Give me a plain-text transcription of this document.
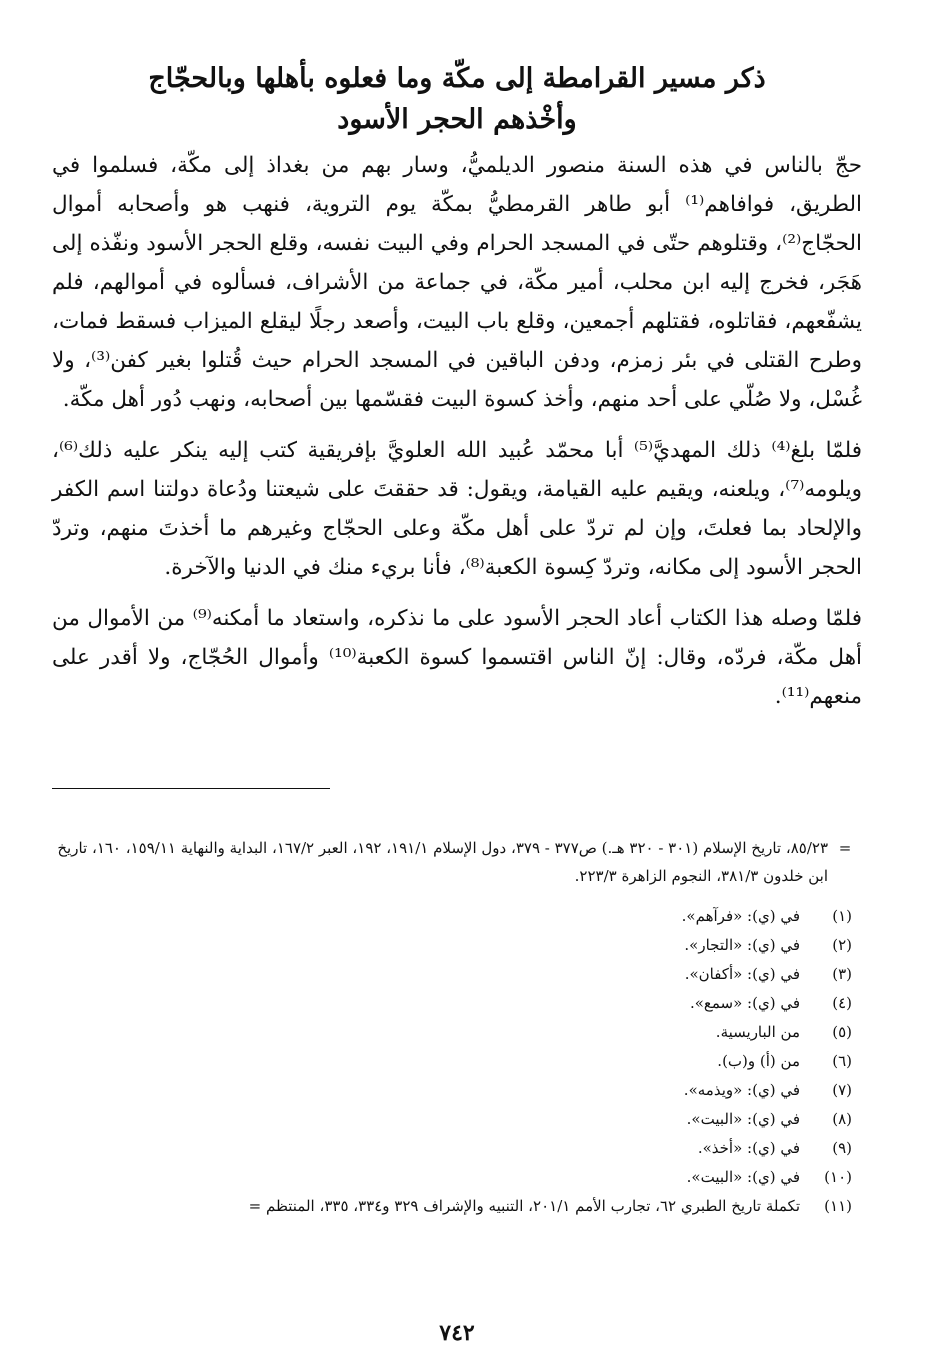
ذكر مسير القرامطة إلى مكّة وما فعلوه بأهلها وبالحجّاج
وأخْذهم الحجر الأسود

حجّ بالناس في هذه السنة منصور الديلميُّ، وسار بهم من بغداذ إلى مكّة، فسلموا في الطريق، فوافاهم⁽¹⁾ أبو طاهر القرمطيُّ بمكّة يوم التروية، فنهب هو وأصحابه أموال الحجّاج⁽²⁾، وقتلوهم حتّى في المسجد الحرام وفي البيت نفسه، وقلع الحجر الأسود ونفّذه إلى هَجَر، فخرج إليه ابن محلب، أمير مكّة، في جماعة من الأشراف، فسألوه في أموالهم، فلم يشفّعهم، فقاتلوه، فقتلهم أجمعين، وقلع باب البيت، وأصعد رجلًا ليقلع الميزاب فسقط فمات، وطرح القتلى في بئر زمزم، ودفن الباقين في المسجد الحرام حيث قُتلوا بغير كفن⁽³⁾، ولا غُسْل، ولا صُلّي على أحد منهم، وأخذ كسوة البيت فقسّمها بين أصحابه، ونهب دُور أهل مكّة.

فلمّا بلغ⁽⁴⁾ ذلك المهديَّ⁽⁵⁾ أبا محمّد عُبيد الله العلويَّ بإفريقية كتب إليه ينكر عليه ذلك⁽⁶⁾، ويلومه⁽⁷⁾، ويلعنه، ويقيم عليه القيامة، ويقول: قد حققتَ على شيعتنا ودُعاة دولتنا اسم الكفر والإلحاد بما فعلتَ، وإن لم تردّ على أهل مكّة وعلى الحجّاج وغيرهم ما أخذتَ منهم، وتردّ الحجر الأسود إلى مكانه، وتردّ كِسوة الكعبة⁽⁸⁾، فأنا بريء منك في الدنيا والآخرة.

فلمّا وصله هذا الكتاب أعاد الحجر الأسود على ما نذكره، واستعاد ما أمكنه⁽⁹⁾ من الأموال من أهل مكّة، فردّه، وقال: إنّ الناس اقتسموا كسوة الكعبة⁽¹⁰⁾ وأموال الحُجّاج، ولا أقدر على منعهم⁽¹¹⁾.

=
٨٥/٢٣، تاريخ الإسلام (٣٠١ - ٣٢٠ هـ.) ص٣٧٧ - ٣٧٩، دول الإسلام ١٩١/١، ١٩٢، العبر ١٦٧/٢، البداية والنهاية ١٥٩/١١، ١٦٠، تاريخ ابن خلدون ٣٨١/٣، النجوم الزاهرة ٢٢٣/٣.
(١)
في (ي): «فرآهم».
(٢)
في (ي): «التجار».
(٣)
في (ي): «أكفان».
(٤)
في (ي): «سمع».
(٥)
من الباريسية.
(٦)
من (أ) و(ب).
(٧)
في (ي): «ويذمه».
(٨)
في (ي): «البيت».
(٩)
في (ي): «أخذ».
(١٠)
في (ي): «البيت».
(١١)
تكملة تاريخ الطبري ٦٢، تجارب الأمم ٢٠١/١، التنبيه والإشراف ٣٢٩ و٣٣٤، ٣٣٥، المنتظم =
٧٤٢
